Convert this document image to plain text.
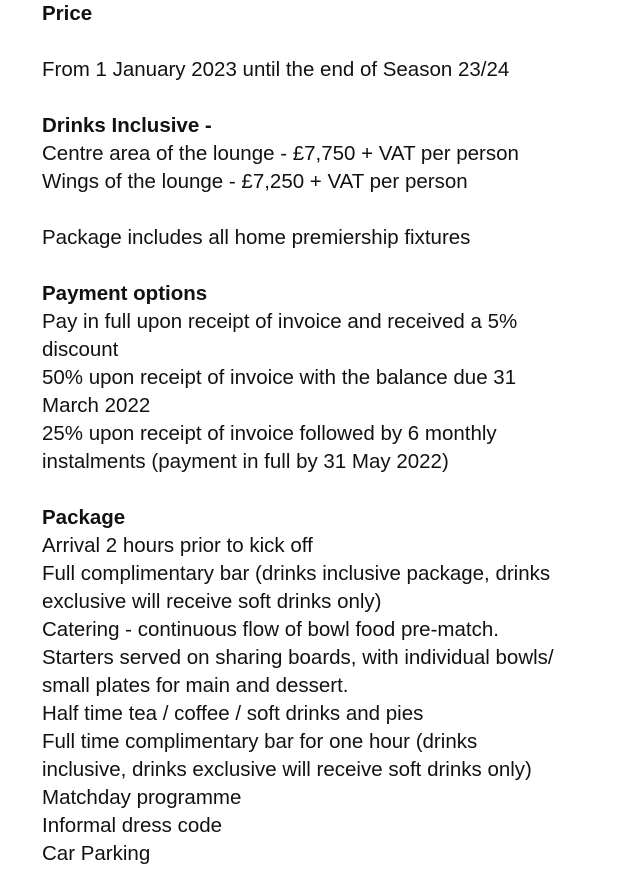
Price
From 1 January 2023 until the end of Season 23/24
Drinks Inclusive -
Centre area of the lounge - £7,750 + VAT per person
Wings of the lounge - £7,250 + VAT per person
Package includes all home premiership fixtures
Payment options
Pay in full upon receipt of invoice and received a 5%
discount
50% upon receipt of invoice with the balance due 31
March 2022
25% upon receipt of invoice followed by 6 monthly
instalments (payment in full by 31 May 2022)
Package
Arrival 2 hours prior to kick off
Full complimentary bar (drinks inclusive package, drinks
exclusive will receive soft drinks only)
Catering - continuous flow of bowl food pre-match.
Starters served on sharing boards, with individual bowls/
small plates for main and dessert.
Half time tea / coffee / soft drinks and pies
Full time complimentary bar for one hour (drinks
inclusive, drinks exclusive will receive soft drinks only)
Matchday programme
Informal dress code
Car Parking
